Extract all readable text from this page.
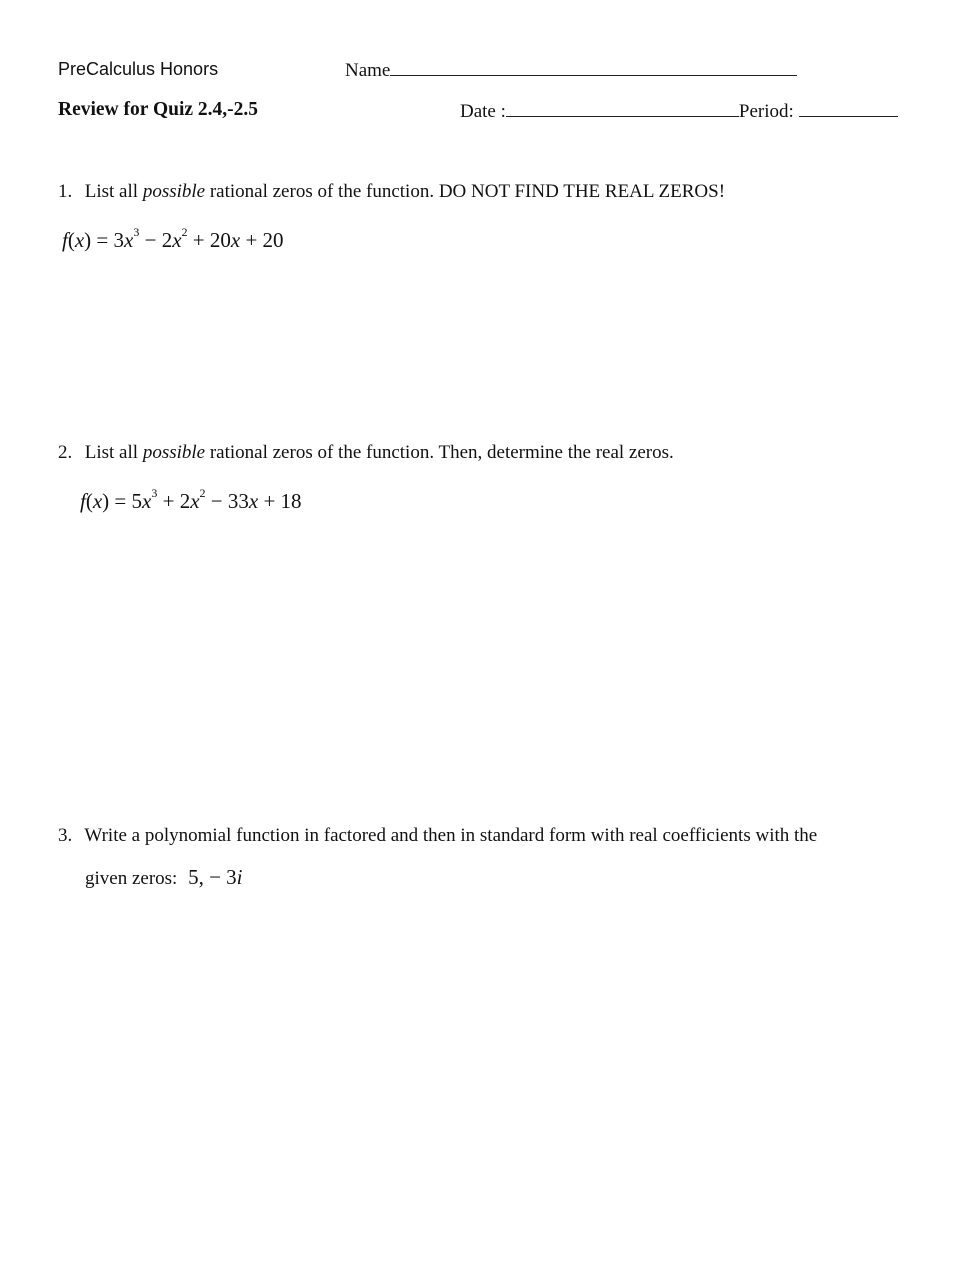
PreCalculus Honors	Name
Review for Quiz 2.4,-2.5	Date :	Period:
1. List all possible rational zeros of the function. DO NOT FIND THE REAL ZEROS!
$f(x) = 3x^3 - 2x^2 + 20x + 20$
2. List all possible rational zeros of the function. Then, determine the real zeros.
$f(x) = 5x^3 + 2x^2 - 33x + 18$
3. Write a polynomial function in factored and then in standard form with real coefficients with the
given zeros: 5, − 3i
